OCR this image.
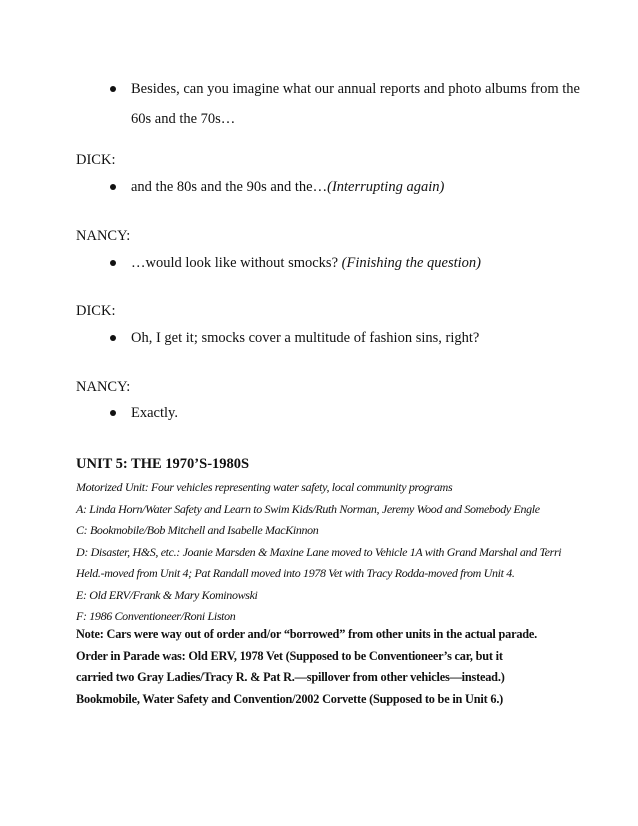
Besides, can you imagine what our annual reports and photo albums from the 60s and the 70s…
DICK:
and the 80s and the 90s and the…(Interrupting again)
NANCY:
…would look like without smocks? (Finishing the question)
DICK:
Oh, I get it; smocks cover a multitude of fashion sins, right?
NANCY:
Exactly.
UNIT 5: THE 1970’S-1980S
Motorized Unit: Four vehicles representing water safety, local community programs
A: Linda Horn/Water Safety and Learn to Swim Kids/Ruth Norman, Jeremy Wood and Somebody Engle
C: Bookmobile/Bob Mitchell and Isabelle MacKinnon
D: Disaster, H&S, etc.: Joanie Marsden & Maxine Lane moved to Vehicle 1A with Grand Marshal and Terri
Held.-moved from Unit 4; Pat Randall moved into 1978 Vet with Tracy Rodda-moved from Unit 4.
E: Old ERV/Frank & Mary Kominowski
F: 1986 Conventioneer/Roni Liston
Note: Cars were way out of order and/or “borrowed” from other units in the actual parade.
Order in Parade was: Old ERV, 1978 Vet (Supposed to be Conventioneer’s car, but it
carried two Gray Ladies/Tracy R. & Pat R.—spillover from other vehicles—instead.)
Bookmobile, Water Safety and Convention/2002 Corvette (Supposed to be in Unit 6.)
